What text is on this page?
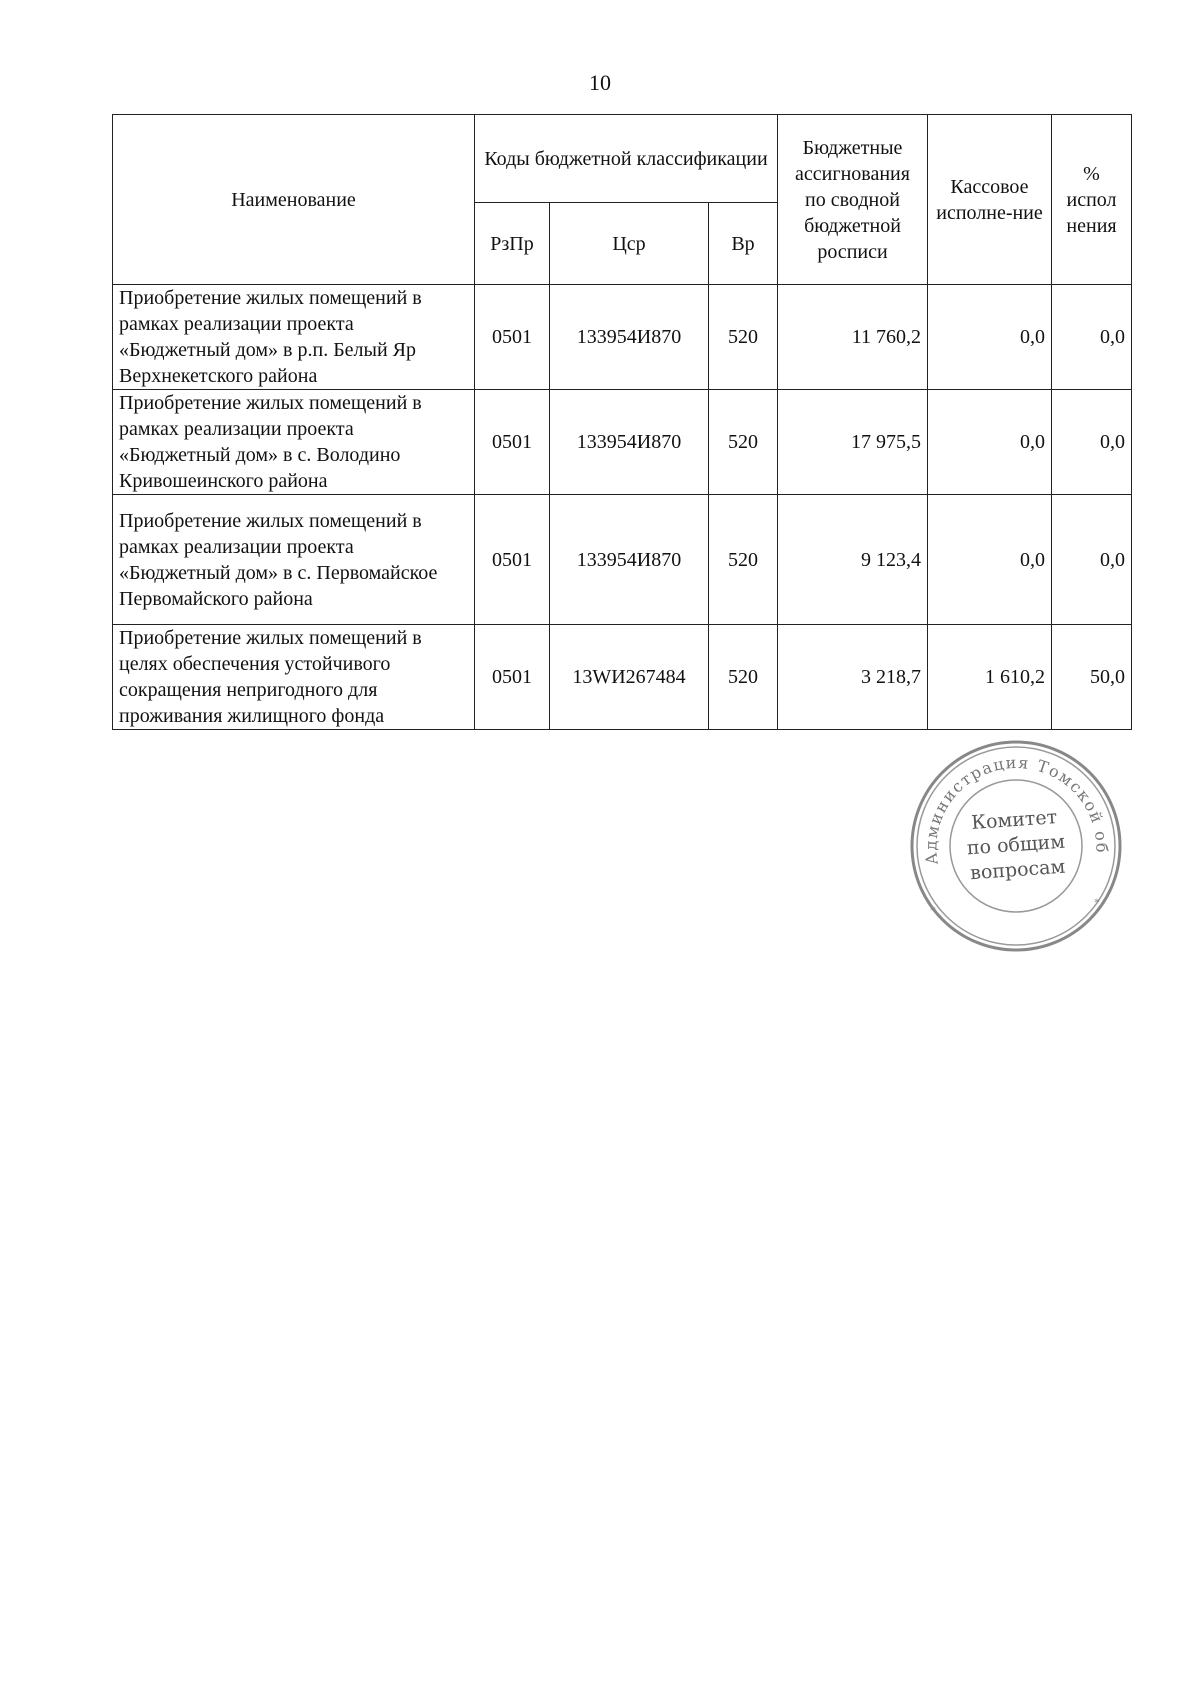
10
Наименование	Коды бюджетной классификации			Бюджетные ассигнования по сводной бюджетной росписи	Кассовое исполне-ние	% испол нения
	РзПр	Цср	Вр			
Приобретение жилых помещений в рамках реализации проекта «Бюджетный дом» в р.п. Белый Яр Верхнекетского района	0501	133954И870	520	11 760,2	0,0	0,0
Приобретение жилых помещений в рамках реализации проекта «Бюджетный дом» в с. Володино Кривошеинского района	0501	133954И870	520	17 975,5	0,0	0,0
Приобретение жилых помещений в рамках реализации проекта «Бюджетный дом» в с. Первомайское Первомайского района	0501	133954И870	520	9 123,4	0,0	0,0
Приобретение жилых помещений в целях обеспечения устойчивого сокращения непригодного для проживания жилищного фонда	0501	13WИ267484	520	3 218,7	1 610,2	50,0
Администрация Томской об
*
*
Комитет
по общим
вопросам
